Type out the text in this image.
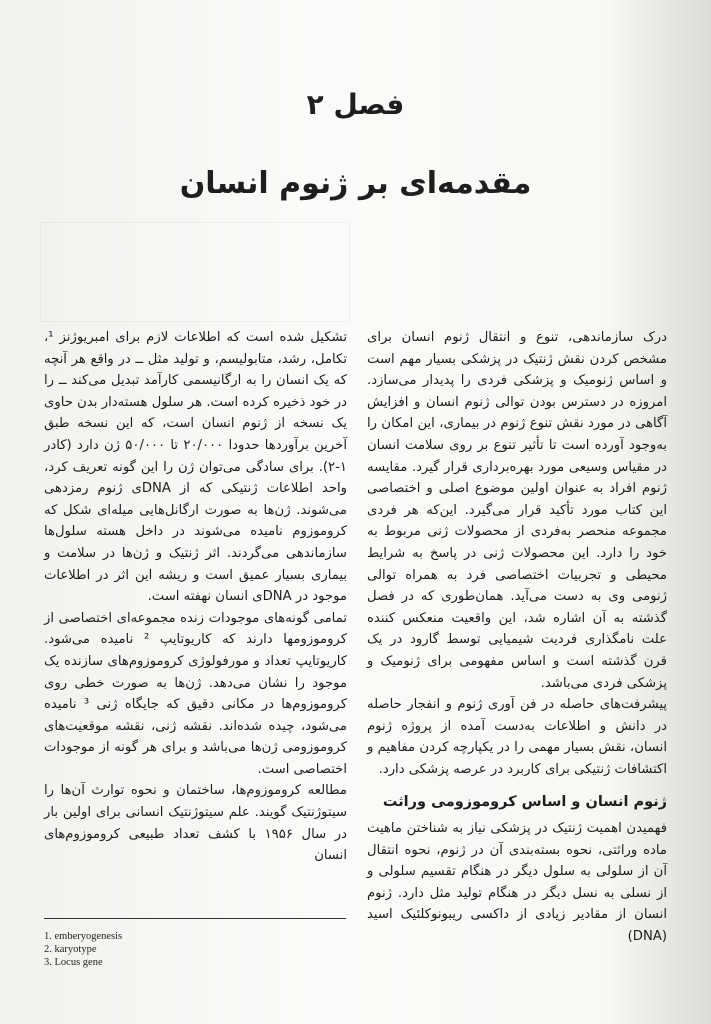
فصل ۲
مقدمه‌ای بر ژنوم انسان

درک سازماندهی، تنوع و انتقال ژنوم انسان برای مشخص کردن نقش ژنتیک در پزشکی بسیار مهم است و اساس ژنومیک و پزشکی فردی را پدیدار می‌سازد. امروزه در دسترس بودن توالی ژنوم انسان و افزایش آگاهی در مورد نقش تنوع ژنوم در بیماری، این امکان را به‌وجود آورده است تا تأثیر تنوع بر روی سلامت انسان در مقیاس وسیعی مورد بهره‌برداری قرار گیرد. مقایسه ژنوم افراد به عنوان اولین موضوع اصلی و اختصاصی این کتاب مورد تأکید قرار می‌گیرد. این‌که هر فردی مجموعه منحصر به‌فردی از محصولات ژنی مربوط به خود را دارد. این محصولات ژنی در پاسخ به شرایط محیطی و تجربیات اختصاصی فرد به همراه توالی ژنومی وی به دست می‌آید. همان‌طوری که در فصل گذشته به آن اشاره شد، این واقعیت منعکس کننده علت نامگذاری فردیت شیمیایی توسط گارود در یک قرن گذشته است و اساس مفهومی برای ژنومیک و پزشکی فردی می‌باشد.

پیشرفت‌های حاصله در فن آوری ژنوم و انفجار حاصله در دانش و اطلاعات به‌دست آمده از پروژه ژنوم انسان، نقش بسیار مهمی را در یکپارچه کردن مفاهیم و اکتشافات ژنتیکی برای کاربرد در عرصه پزشکی دارد.

ژنوم انسان و اساس کروموزومی وراثت

فهمیدن اهمیت ژنتیک در پزشکی نیاز به شناختن ماهیت ماده وراثتی، نحوه بسته‌بندی آن در ژنوم، نحوه انتقال آن از سلولی به سلول دیگر در هنگام تقسیم سلولی و از نسلی به نسل دیگر در هنگام تولید مثل دارد. ژنوم انسان از مقادیر زیادی از داکسی ریبونوکلئیک اسید (DNA)

تشکیل شده است که اطلاعات لازم برای امبریوژنز ¹، تکامل، رشد، متابولیسم، و تولید مثل ــ در واقع هر آنچه که یک انسان را به ارگانیسمی کارآمد تبدیل می‌کند ــ را در خود ذخیره کرده است. هر سلول هسته‌دار بدن حاوی یک نسخه از ژنوم انسان است، که این نسخه طبق آخرین برآوردها حدودا ۲۰/۰۰۰ تا ۵۰/۰۰۰ ژن دارد (کادر ۱-۲). برای سادگی می‌توان ژن را این گونه تعریف کرد، واحد اطلاعات ژنتیکی که از DNAی ژنوم رمزدهی می‌شوند. ژن‌ها به صورت ارگانل‌هایی میله‌ای شکل که کروموزوم نامیده می‌شوند در داخل هسته سلول‌ها سازماندهی می‌گردند. اثر ژنتیک و ژن‌ها در سلامت و بیماری بسیار عمیق است و ریشه این اثر در اطلاعات موجود در DNAی انسان نهفته است.

تمامی گونه‌های موجودات زنده مجموعه‌ای اختصاصی از کروموزومها دارند که کاریوتایپ ² نامیده می‌شود. کاریوتایپ تعداد و مورفولوژی کروموزوم‌های سازنده یک موجود را نشان می‌دهد. ژن‌ها به صورت خطی روی کروموزوم‌ها در مکانی دقیق که جایگاه ژنی ³ نامیده می‌شود، چیده شده‌اند. نقشه ژنی، نقشه موقعیت‌های کروموزومی ژن‌ها می‌باشد و برای هر گونه از موجودات اختصاصی است.

مطالعه کروموزوم‌ها، ساختمان و نحوه توارث آن‌ها را سیتوژنتیک گویند. علم سیتوژنتیک انسانی برای اولین بار در سال ۱۹۵۶ با کشف تعداد طبیعی کروموزوم‌های انسان

1. emberyogenesis
2. karyotype
3. Locus gene
